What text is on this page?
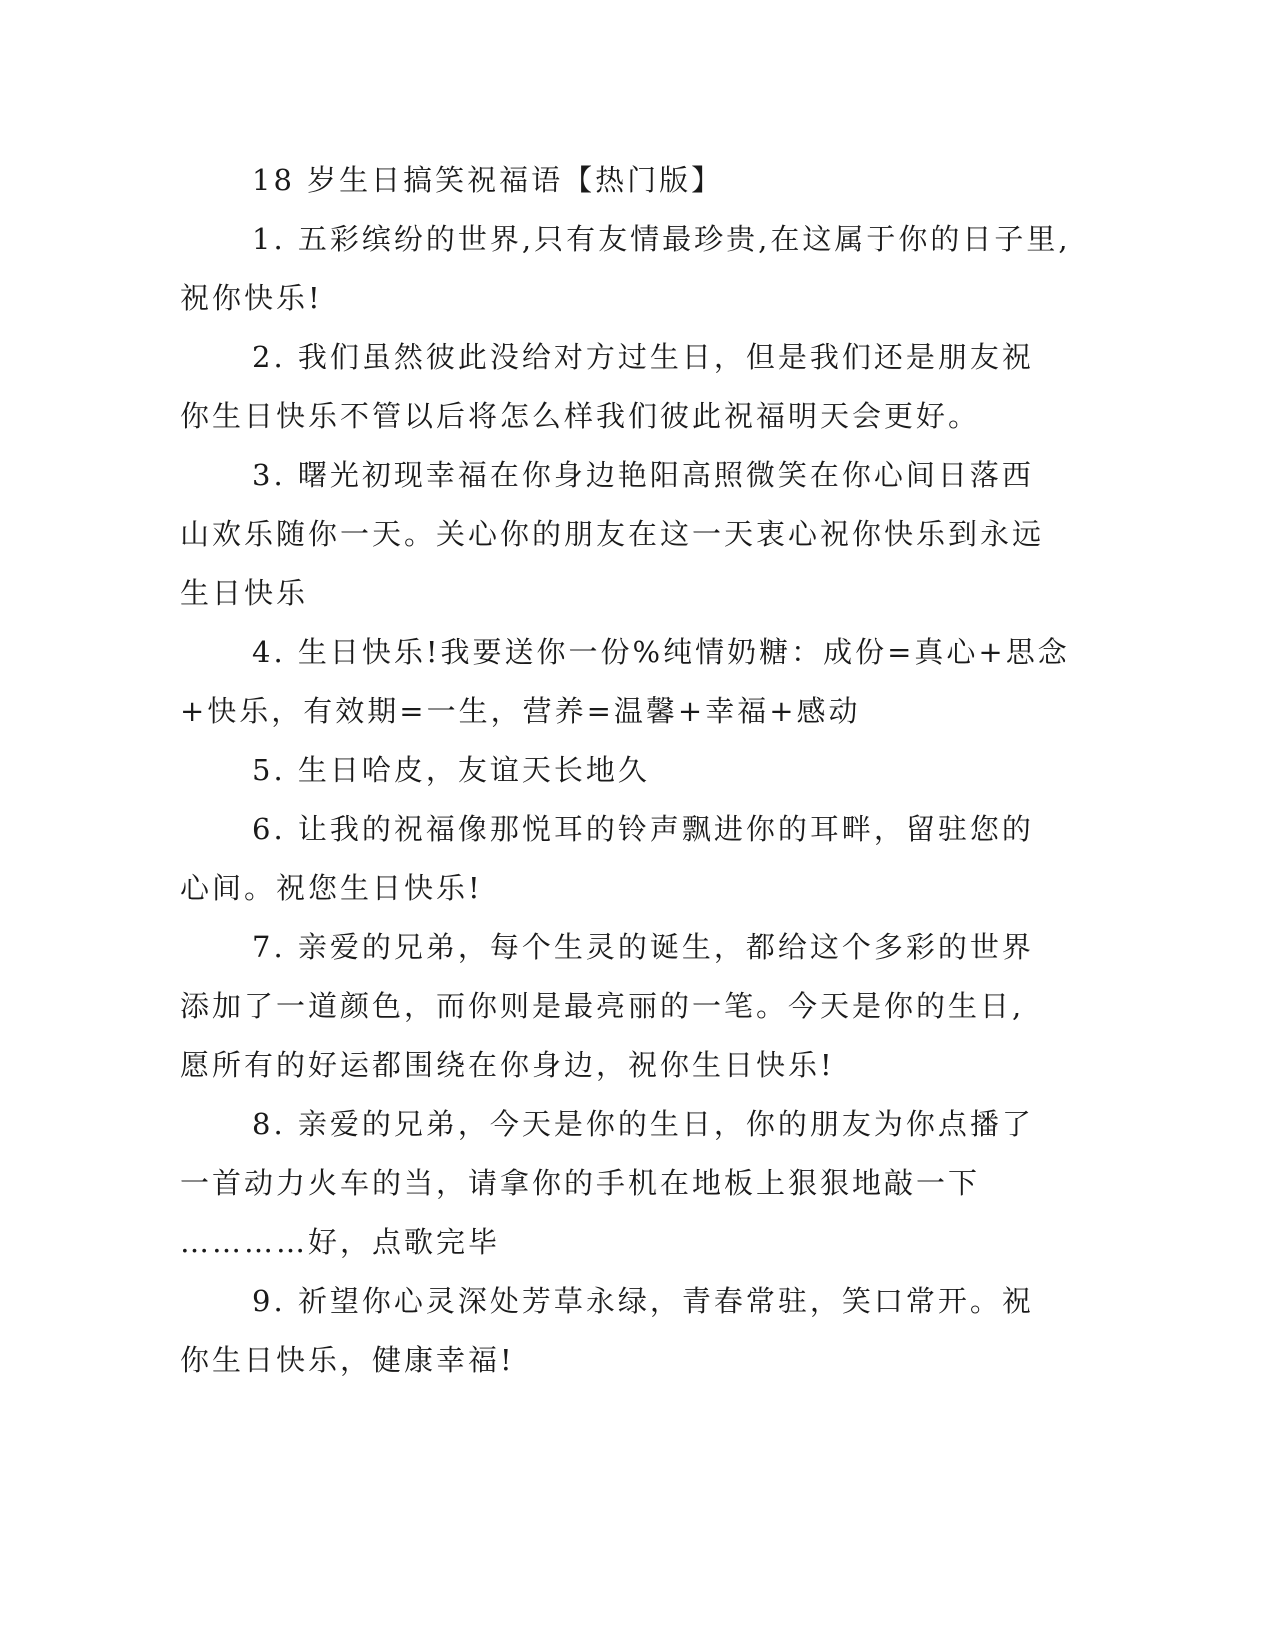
18 岁生日搞笑祝福语【热门版】

1. 五彩缤纷的世界,只有友情最珍贵,在这属于你的日子里,

祝你快乐!

2. 我们虽然彼此没给对方过生日，但是我们还是朋友祝

你生日快乐不管以后将怎么样我们彼此祝福明天会更好。

3. 曙光初现幸福在你身边艳阳高照微笑在你心间日落西

山欢乐随你一天。关心你的朋友在这一天衷心祝你快乐到永远

生日快乐

4. 生日快乐!我要送你一份%纯情奶糖：成份=真心+思念

+快乐，有效期=一生，营养=温馨+幸福+感动

5. 生日哈皮，友谊天长地久

6. 让我的祝福像那悦耳的铃声飘进你的耳畔，留驻您的

心间。祝您生日快乐!

7. 亲爱的兄弟，每个生灵的诞生，都给这个多彩的世界

添加了一道颜色，而你则是最亮丽的一笔。今天是你的生日,

愿所有的好运都围绕在你身边，祝你生日快乐!

8. 亲爱的兄弟，今天是你的生日，你的朋友为你点播了

一首动力火车的当，请拿你的手机在地板上狠狠地敲一下

…………好，点歌完毕

9. 祈望你心灵深处芳草永绿，青春常驻，笑口常开。祝

你生日快乐，健康幸福!
